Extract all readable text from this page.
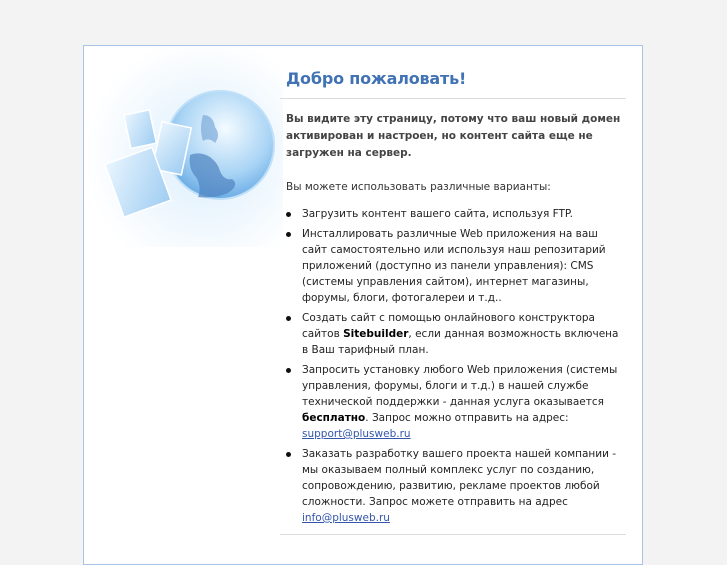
Добро пожаловать!

Вы видите эту страницу, потому что ваш новый домен активирован и настроен, но контент сайта еще не загружен на сервер.

Вы можете использовать различные варианты:

Загрузить контент вашего сайта, используя FTP.
Инсталлировать различные Web приложения на ваш сайт самостоятельно или используя наш репозитарий приложений (доступно из панели управления): CMS (системы управления сайтом), интернет магазины, форумы, блоги, фотогалереи и т.д..
Создать сайт с помощью онлайнового конструктора сайтов Sitebuilder, если данная возможность включена в Ваш тарифный план.
Запросить установку любого Web приложения (системы управления, форумы, блоги и т.д.) в нашей службе технической поддержки - данная услуга оказывается бесплатно. Запрос можно отправить на адрес:
support@plusweb.ru
Заказать разработку вашего проекта нашей компании - мы оказываем полный комплекс услуг по созданию, сопровождению, развитию, рекламе проектов любой сложности. Запрос можете отправить на адрес
info@plusweb.ru
